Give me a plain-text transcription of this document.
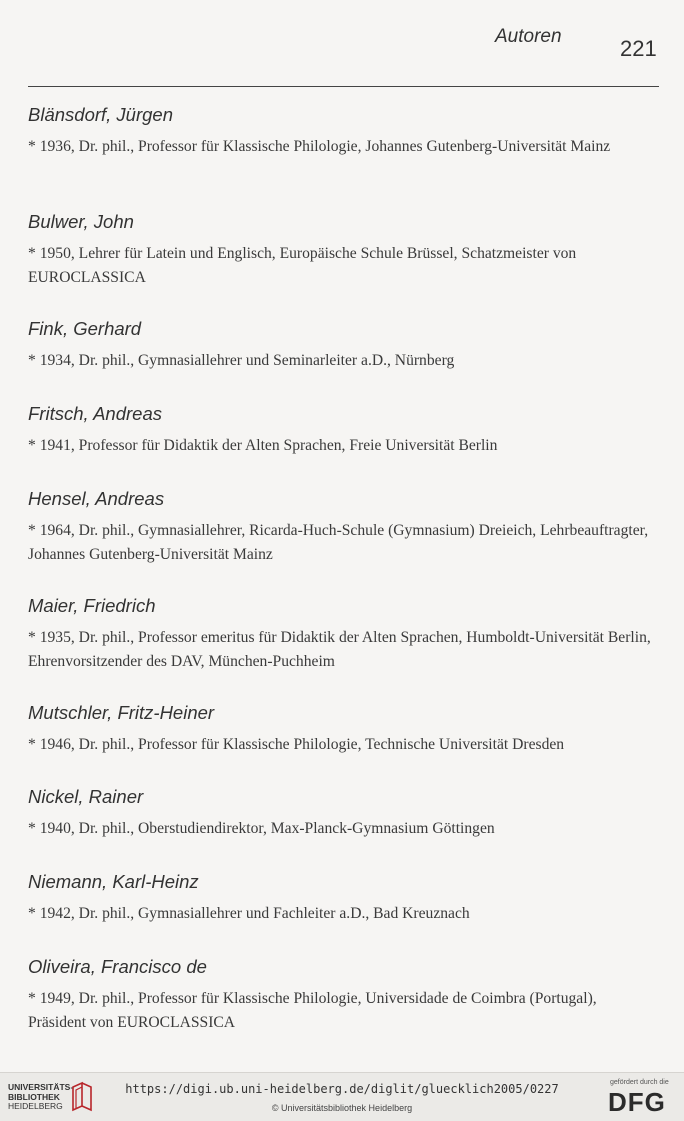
Autoren	221

Blänsdorf, Jürgen

* 1936, Dr. phil., Professor für Klassische Philologie, Johannes Gutenberg-Universität Mainz

Bulwer, John

* 1950, Lehrer für Latein und Englisch, Europäische Schule Brüssel, Schatzmeister von EUROCLASSICA

Fink, Gerhard

* 1934, Dr. phil., Gymnasiallehrer und Seminarleiter a.D., Nürnberg

Fritsch, Andreas

* 1941, Professor für Didaktik der Alten Sprachen, Freie Universität Berlin

Hensel, Andreas

* 1964, Dr. phil., Gymnasiallehrer, Ricarda-Huch-Schule (Gymnasium) Dreieich, Lehrbeauftragter, Johannes Gutenberg-Universität Mainz

Maier, Friedrich

* 1935, Dr. phil., Professor emeritus für Didaktik der Alten Sprachen, Humboldt-Universität Berlin, Ehrenvorsitzender des DAV, München-Puchheim

Mutschler, Fritz-Heiner

* 1946, Dr. phil., Professor für Klassische Philologie, Technische Universität Dresden

Nickel, Rainer

* 1940, Dr. phil., Oberstudiendirektor, Max-Planck-Gymnasium Göttingen

Niemann, Karl-Heinz

* 1942, Dr. phil., Gymnasiallehrer und Fachleiter a.D., Bad Kreuznach

Oliveira, Francisco de

* 1949, Dr. phil., Professor für Klassische Philologie, Universidade de Coimbra (Portugal), Präsident von EUROCLASSICA

UNIVERSITÄTS-
BIBLIOTHEK
HEIDELBERG
https://digi.ub.uni-heidelberg.de/diglit/gluecklich2005/0227
© Universitätsbibliothek Heidelberg
gefördert durch die
DFG
